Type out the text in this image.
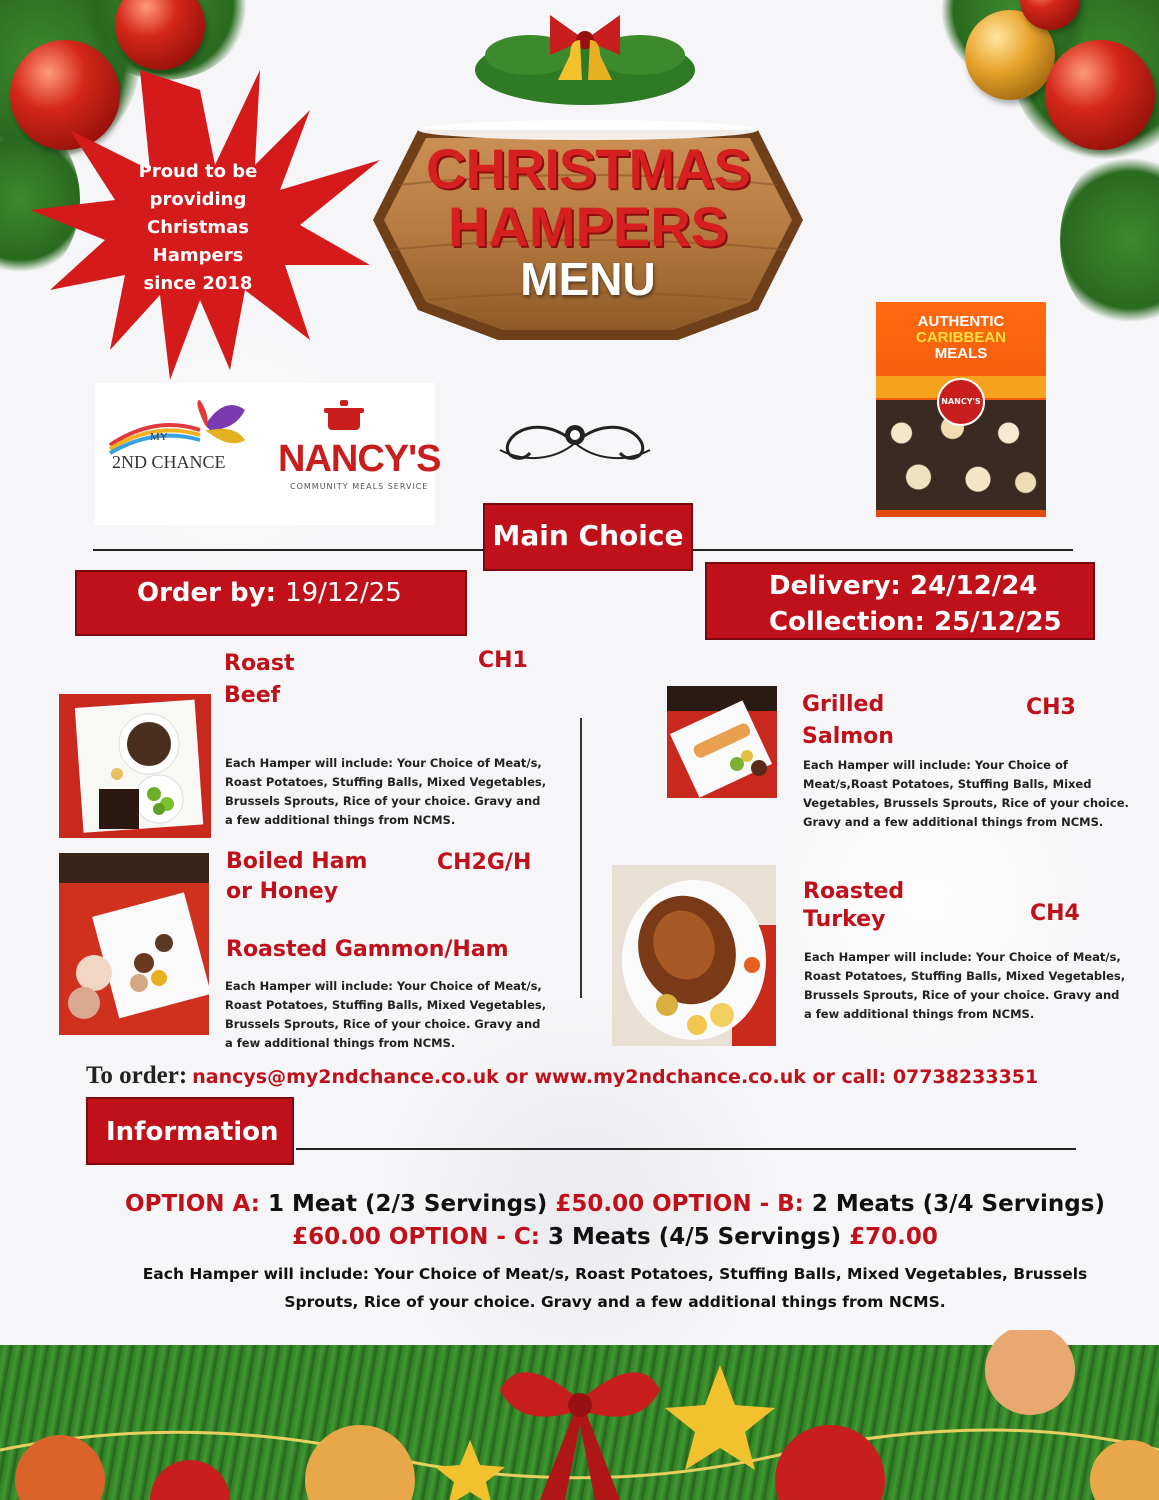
Proud to be
providing
Christmas
Hampers
since 2018
CHRISTMAS
HAMPERS
MENU
MY
2ND CHANCE NANCY'S
COMMUNITY MEALS SERVICE
AUTHENTIC
CARIBBEAN
MEALS
NANCY'S
Main Choice
Order by: 19/12/25	Delivery: 24/12/24
Collection: 25/12/25
Roast
Beef
CH1
Each Hamper will include: Your Choice of Meat/s,
Roast Potatoes, Stuffing Balls, Mixed Vegetables,
Brussels Sprouts, Rice of your choice. Gravy and
a few additional things from NCMS.
Boiled Ham
or Honey
Roasted Gammon/Ham
CH2G/H
Each Hamper will include: Your Choice of Meat/s,
Roast Potatoes, Stuffing Balls, Mixed Vegetables,
Brussels Sprouts, Rice of your choice. Gravy and
a few additional things from NCMS.
Grilled
Salmon
CH3
Each Hamper will include: Your Choice of
Meat/s,Roast Potatoes, Stuffing Balls, Mixed
Vegetables, Brussels Sprouts, Rice of your choice.
Gravy and a few additional things from NCMS.
Roasted
Turkey	CH4
Each Hamper will include: Your Choice of Meat/s,
Roast Potatoes, Stuffing Balls, Mixed Vegetables,
Brussels Sprouts, Rice of your choice. Gravy and
a few additional things from NCMS.
To order: nancys@my2ndchance.co.uk or www.my2ndchance.co.uk or call: 07738233351
Information
OPTION A: 1 Meat (2/3 Servings) £50.00 OPTION - B: 2 Meats (3/4 Servings)
£60.00 OPTION - C: 3 Meats (4/5 Servings) £70.00
Each Hamper will include: Your Choice of Meat/s, Roast Potatoes, Stuffing Balls, Mixed Vegetables, Brussels
Sprouts, Rice of your choice. Gravy and a few additional things from NCMS.
